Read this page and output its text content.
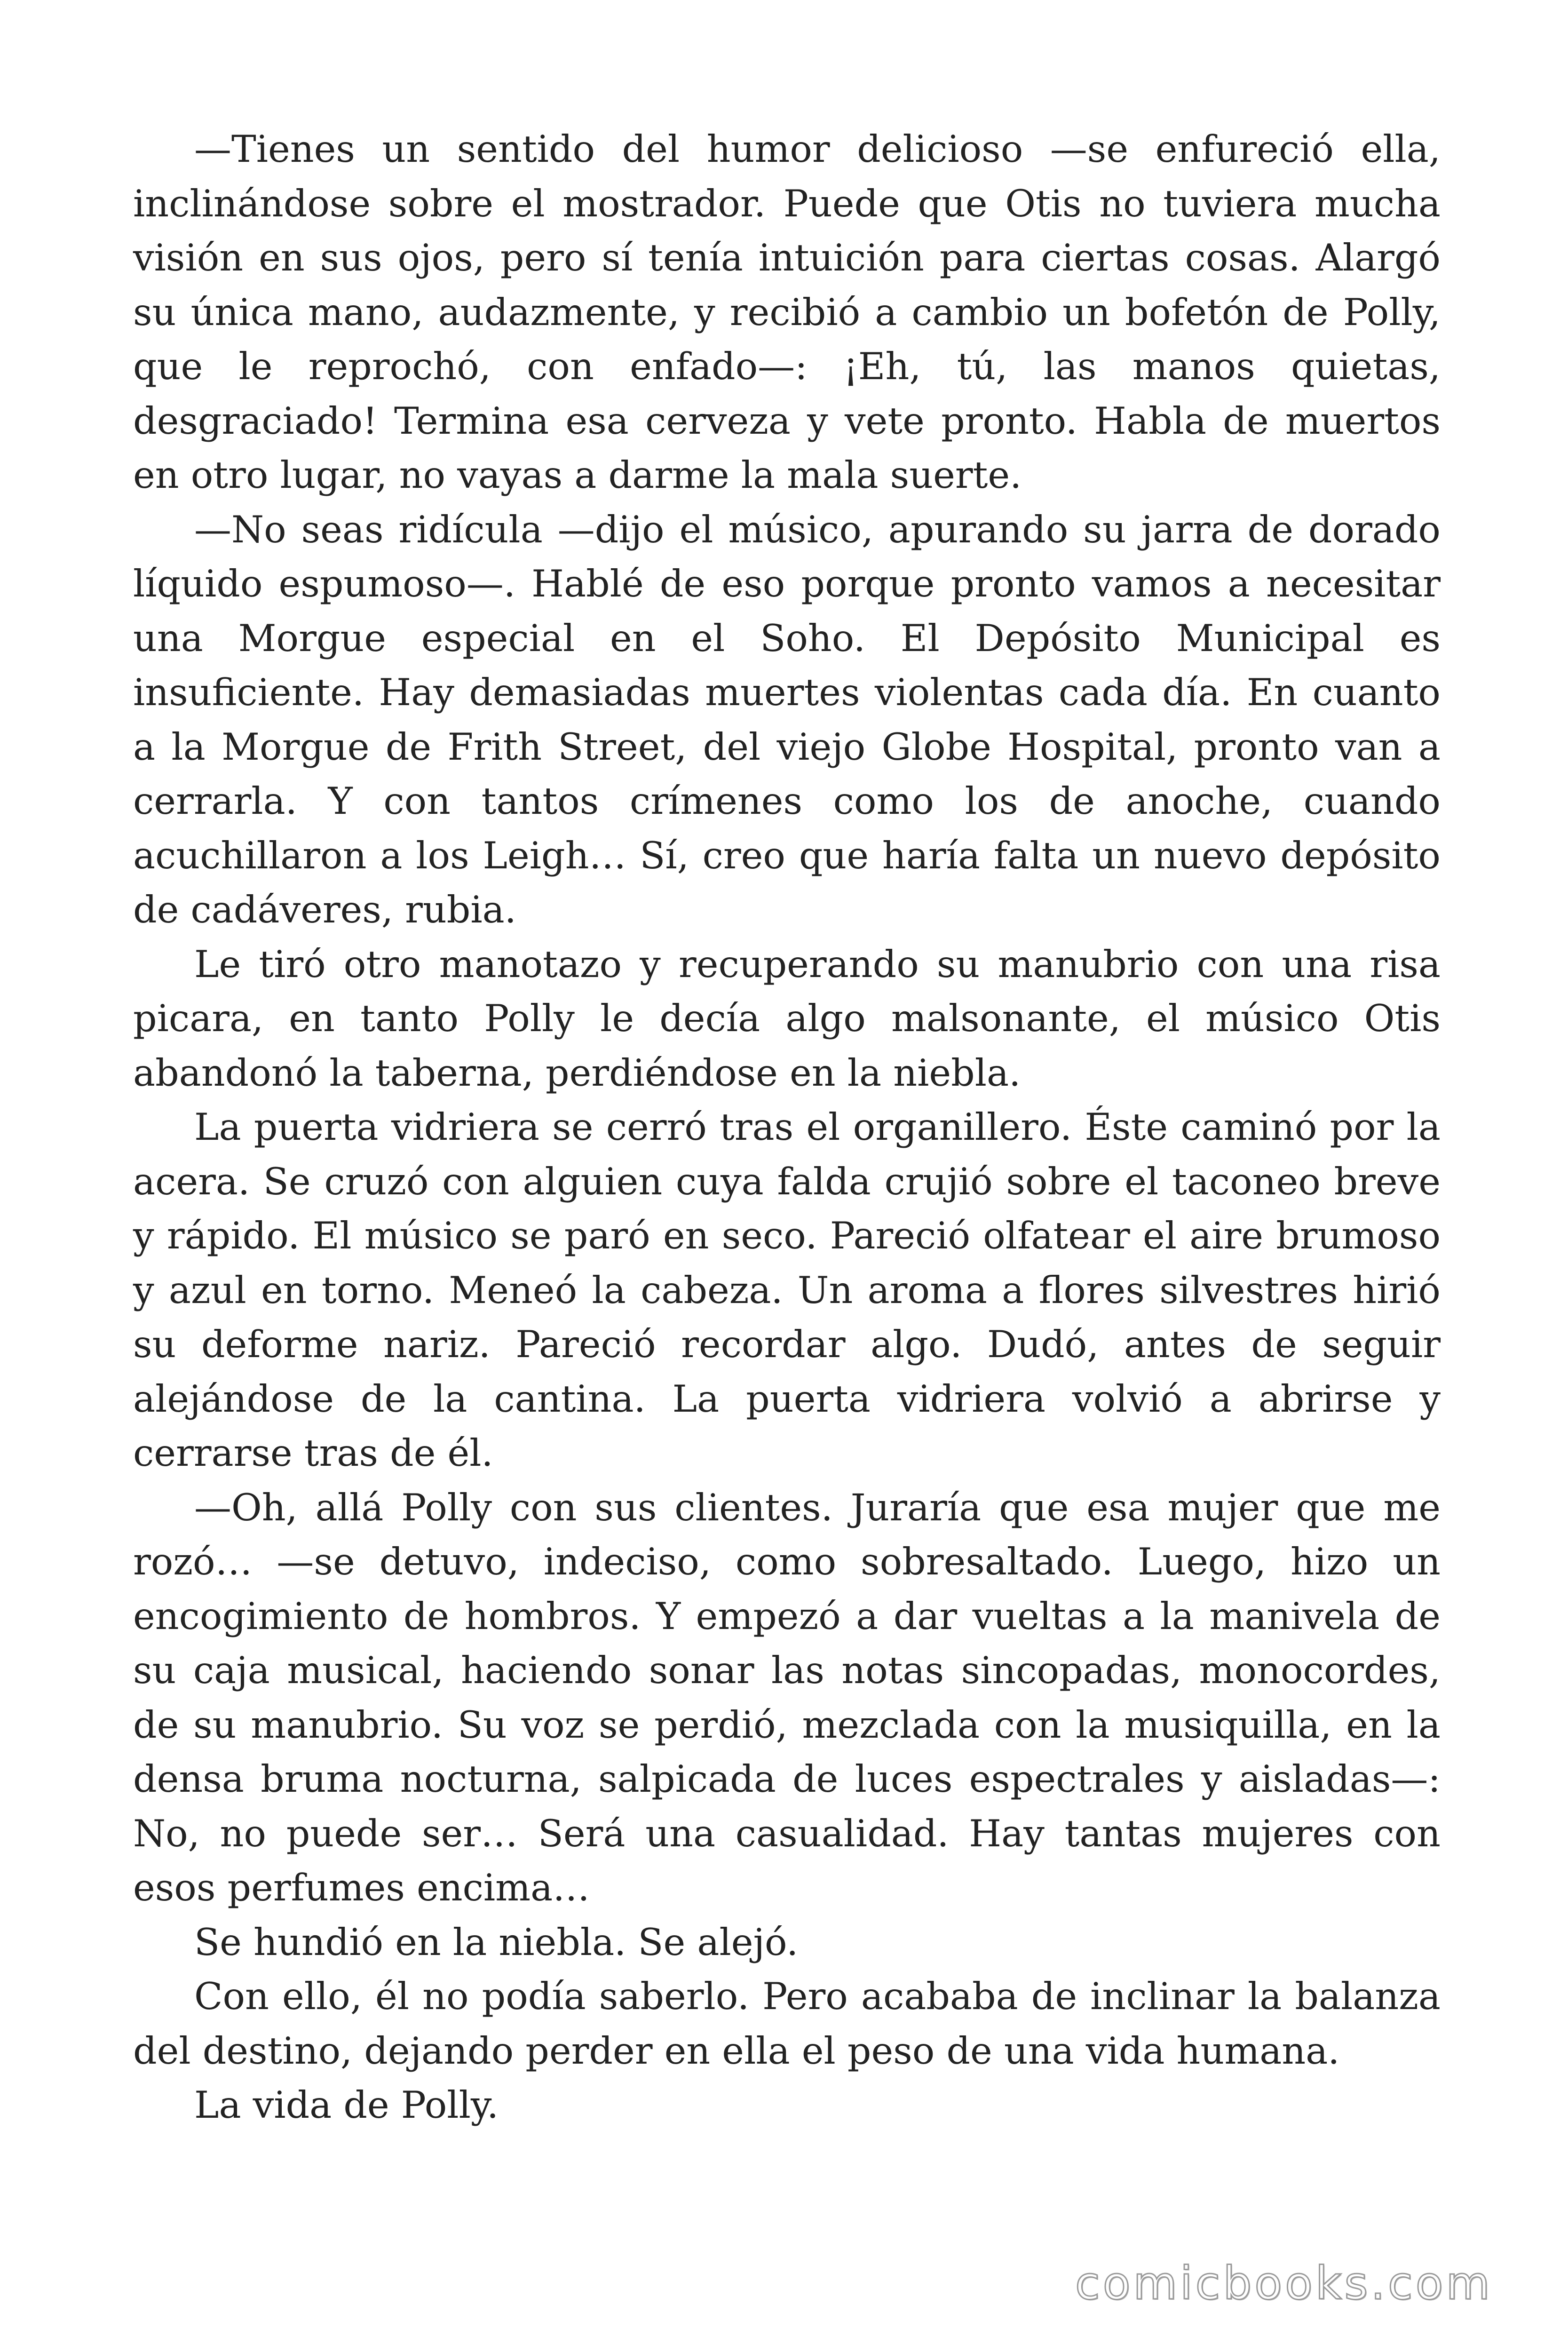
—Tienes un sentido del humor delicioso —se enfureció ella, inclinándose sobre el mostrador. Puede que Otis no tuviera mucha visión en sus ojos, pero sí tenía intuición para ciertas cosas. Alargó su única mano, audazmente, y recibió a cambio un bofetón de Polly, que le reprochó, con enfado—: ¡Eh, tú, las manos quietas, desgraciado! Termina esa cerveza y vete pronto. Habla de muertos en otro lugar, no vayas a darme la mala suerte.

—No seas ridícula —dijo el músico, apurando su jarra de dorado líquido espumoso—. Hablé de eso porque pronto vamos a necesitar una Morgue especial en el Soho. El Depósito Municipal es insuficiente. Hay demasiadas muertes violentas cada día. En cuanto a la Morgue de Frith Street, del viejo Globe Hospital, pronto van a cerrarla. Y con tantos crímenes como los de anoche, cuando acuchillaron a los Leigh… Sí, creo que haría falta un nuevo depósito de cadáveres, rubia.

Le tiró otro manotazo y recuperando su manubrio con una risa picara, en tanto Polly le decía algo malsonante, el músico Otis abandonó la taberna, perdiéndose en la niebla.

La puerta vidriera se cerró tras el organillero. Éste caminó por la acera. Se cruzó con alguien cuya falda crujió sobre el taconeo breve y rápido. El músico se paró en seco. Pareció olfatear el aire brumoso y azul en torno. Meneó la cabeza. Un aroma a flores silvestres hirió su deforme nariz. Pareció recordar algo. Dudó, antes de seguir alejándose de la cantina. La puerta vidriera volvió a abrirse y cerrarse tras de él.

—Oh, allá Polly con sus clientes. Juraría que esa mujer que me rozó… —se detuvo, indeciso, como sobresaltado. Luego, hizo un encogimiento de hombros. Y empezó a dar vueltas a la manivela de su caja musical, haciendo sonar las notas sincopadas, monocordes, de su manubrio. Su voz se perdió, mezclada con la musiquilla, en la densa bruma nocturna, salpicada de luces espectrales y aisladas—: No, no puede ser… Será una casualidad. Hay tantas mujeres con esos perfumes encima…

Se hundió en la niebla. Se alejó.

Con ello, él no podía saberlo. Pero acababa de inclinar la balanza del destino, dejando perder en ella el peso de una vida humana.

La vida de Polly.

comicbooks.com
